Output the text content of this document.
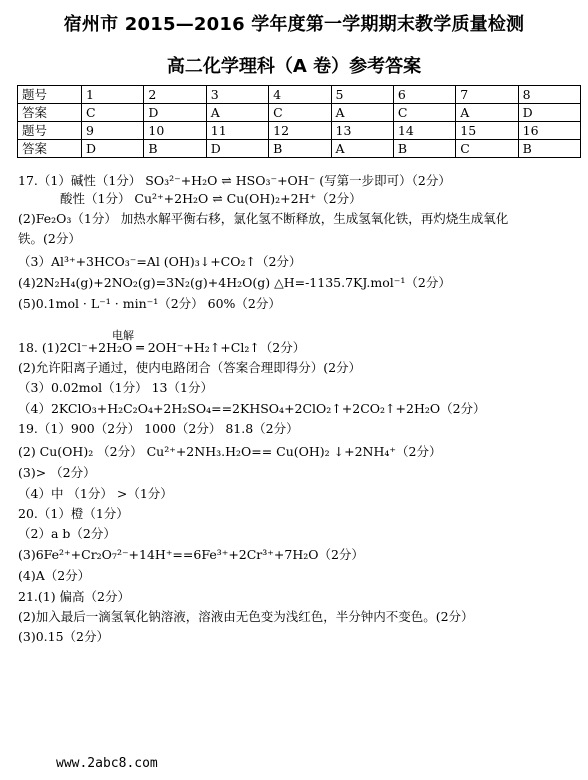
宿州市 2015—2016 学年度第一学期期末教学质量检测
高二化学理科（A 卷）参考答案
题号	1	2	3	4	5	6	7	8
答案	C	D	A	C	A	C	A	D
题号	9	10	11	12	13	14	15	16
答案	D	B	D	B	A	B	C	B
17.（1）碱性（1分） SO₃²⁻+H₂O ⇌ HSO₃⁻+OH⁻ (写第一步即可）（2分）
酸性（1分） Cu²⁺+2H₂O ⇌ Cu(OH)₂+2H⁺（2分）
(2)Fe₂O₃（1分） 加热水解平衡右移，氯化氢不断释放，生成氢氧化铁，再灼烧生成氧化
铁。(2分）
（3）Al³⁺+3HCO₃⁻=Al (OH)₃↓+CO₂↑（2分）
(4)2N₂H₄(g)+2NO₂(g)=3N₂(g)+4H₂O(g) △H=-1135.7KJ.mol⁻¹（2分）
(5)0.1mol · L⁻¹ · min⁻¹（2分） 60%（2分）
电解
18. (1)2Cl⁻+2H₂O ═ 2OH⁻+H₂↑+Cl₂↑（2分）
(2)允许阳离子通过，使内电路闭合（答案合理即得分）(2分）
（3）0.02mol（1分） 13（1分）
（4）2KClO₃+H₂C₂O₄+2H₂SO₄==2KHSO₄+2ClO₂↑+2CO₂↑+2H₂O（2分）
19.（1）900（2分） 1000（2分） 81.8（2分）
(2) Cu(OH)₂ （2分） Cu²⁺+2NH₃.H₂O== Cu(OH)₂ ↓+2NH₄⁺（2分）
(3)> （2分）
（4）中 （1分） >（1分）
20.（1）橙（1分）
（2）a b（2分）
(3)6Fe²⁺+Cr₂O₇²⁻+14H⁺==6Fe³⁺+2Cr³⁺+7H₂O（2分）
(4)A（2分）
21.(1) 偏高（2分）
(2)加入最后一滴氢氧化钠溶液，溶液由无色变为浅红色，半分钟内不变色。(2分）
(3)0.15（2分）
www.2abc8.com
